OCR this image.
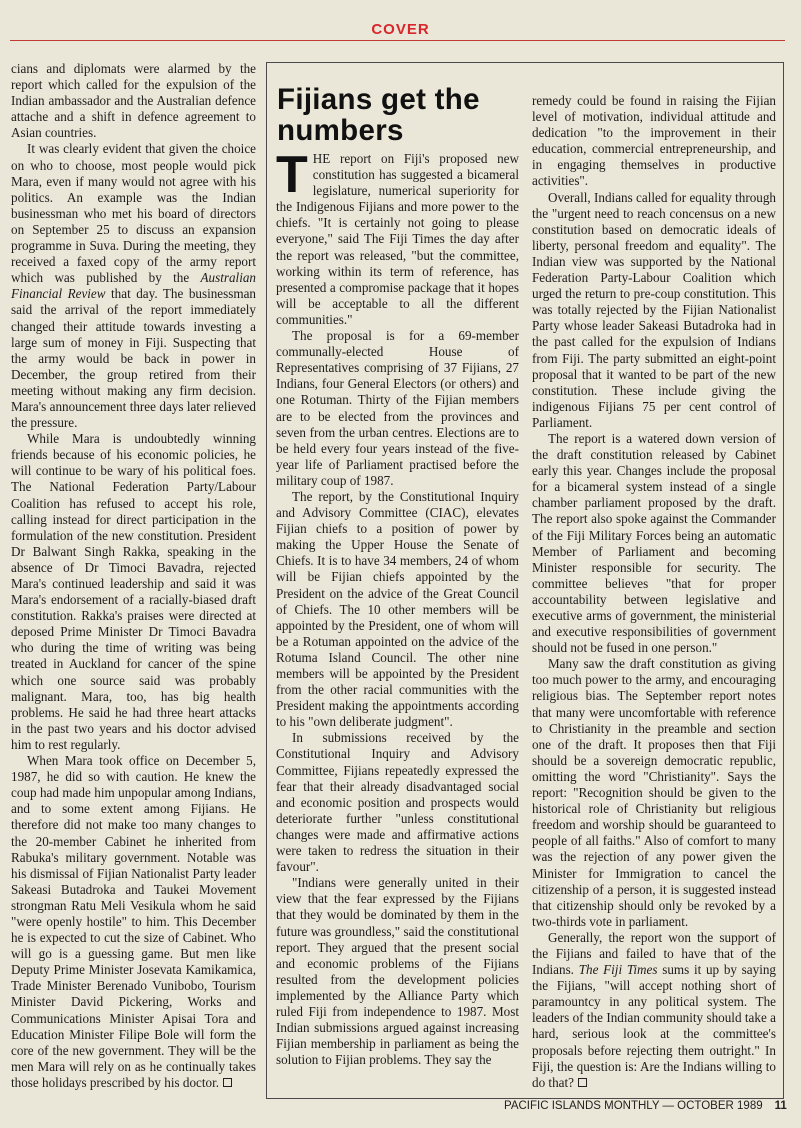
COVER

cians and diplomats were alarmed by the report which called for the expulsion of the Indian ambassador and the Australian defence attache and a shift in defence agreement to Asian countries.

It was clearly evident that given the choice on who to choose, most people would pick Mara, even if many would not agree with his politics. An example was the Indian businessman who met his board of directors on September 25 to discuss an expansion programme in Suva. During the meeting, they received a faxed copy of the army report which was published by the Australian Financial Review that day. The businessman said the arrival of the report immediately changed their attitude towards investing a large sum of money in Fiji. Suspecting that the army would be back in power in December, the group retired from their meeting without making any firm decision. Mara's announcement three days later relieved the pressure.

While Mara is undoubtedly winning friends because of his economic policies, he will continue to be wary of his political foes. The National Federation Party/Labour Coalition has refused to accept his role, calling instead for direct participation in the formulation of the new constitution. President Dr Balwant Singh Rakka, speaking in the absence of Dr Timoci Bavadra, rejected Mara's continued leadership and said it was Mara's endorsement of a racially-biased draft constitution. Rakka's praises were directed at deposed Prime Minister Dr Timoci Bavadra who during the time of writing was being treated in Auckland for cancer of the spine which one source said was probably malignant. Mara, too, has big health problems. He said he had three heart attacks in the past two years and his doctor advised him to rest regularly.

When Mara took office on December 5, 1987, he did so with caution. He knew the coup had made him unpopular among Indians, and to some extent among Fijians. He therefore did not make too many changes to the 20-member Cabinet he inherited from Rabuka's military government. Notable was his dismissal of Fijian Nationalist Party leader Sakeasi Butadroka and Taukei Movement strongman Ratu Meli Vesikula whom he said "were openly hostile" to him. This December he is expected to cut the size of Cabinet. Who will go is a guessing game. But men like Deputy Prime Minister Josevata Kamikamica, Trade Minister Berenado Vunibobo, Tourism Minister David Pickering, Works and Communications Minister Apisai Tora and Education Minister Filipe Bole will form the core of the new government. They will be the men Mara will rely on as he continually takes those holidays prescribed by his doctor.

Fijians get the numbers

THE report on Fiji's proposed new constitution has suggested a bicameral legislature, numerical superiority for the Indigenous Fijians and more power to the chiefs. "It is certainly not going to please everyone," said The Fiji Times the day after the report was released, "but the committee, working within its term of reference, has presented a compromise package that it hopes will be acceptable to all the different communities."

The proposal is for a 69-member communally-elected House of Representatives comprising of 37 Fijians, 27 Indians, four General Electors (or others) and one Rotuman. Thirty of the Fijian members are to be elected from the provinces and seven from the urban centres. Elections are to be held every four years instead of the five-year life of Parliament practised before the military coup of 1987.

The report, by the Constitutional Inquiry and Advisory Committee (CIAC), elevates Fijian chiefs to a position of power by making the Upper House the Senate of Chiefs. It is to have 34 members, 24 of whom will be Fijian chiefs appointed by the President on the advice of the Great Council of Chiefs. The 10 other members will be appointed by the President, one of whom will be a Rotuman appointed on the advice of the Rotuma Island Council. The other nine members will be appointed by the President from the other racial communities with the President making the appointments according to his "own deliberate judgment".

In submissions received by the Constitutional Inquiry and Advisory Committee, Fijians repeatedly expressed the fear that their already disadvantaged social and economic position and prospects would deteriorate further "unless constitutional changes were made and affirmative actions were taken to redress the situation in their favour".

"Indians were generally united in their view that the fear expressed by the Fijians that they would be dominated by them in the future was groundless," said the constitutional report. They argued that the present social and economic problems of the Fijians resulted from the development policies implemented by the Alliance Party which ruled Fiji from independence to 1987. Most Indian submissions argued against increasing Fijian membership in parliament as being the solution to Fijian problems. They say the

remedy could be found in raising the Fijian level of motivation, individual attitude and dedication "to the improvement in their education, commercial entrepreneurship, and in engaging themselves in productive activities".

Overall, Indians called for equality through the "urgent need to reach concensus on a new constitution based on democratic ideals of liberty, personal freedom and equality". The Indian view was supported by the National Federation Party-Labour Coalition which urged the return to pre-coup constitution. This was totally rejected by the Fijian Nationalist Party whose leader Sakeasi Butadroka had in the past called for the expulsion of Indians from Fiji. The party submitted an eight-point proposal that it wanted to be part of the new constitution. These include giving the indigenous Fijians 75 per cent control of Parliament.

The report is a watered down version of the draft constitution released by Cabinet early this year. Changes include the proposal for a bicameral system instead of a single chamber parliament proposed by the draft. The report also spoke against the Commander of the Fiji Military Forces being an automatic Member of Parliament and becoming Minister responsible for security. The committee believes "that for proper accountability between legislative and executive arms of government, the ministerial and executive responsibilities of government should not be fused in one person."

Many saw the draft constitution as giving too much power to the army, and encouraging religious bias. The September report notes that many were uncomfortable with reference to Christianity in the preamble and section one of the draft. It proposes then that Fiji should be a sovereign democratic republic, omitting the word "Christianity". Says the report: "Recognition should be given to the historical role of Christianity but religious freedom and worship should be guaranteed to people of all faiths." Also of comfort to many was the rejection of any power given the Minister for Immigration to cancel the citizenship of a person, it is suggested instead that citizenship should only be revoked by a two-thirds vote in parliament.

Generally, the report won the support of the Fijians and failed to have that of the Indians. The Fiji Times sums it up by saying the Fijians, "will accept nothing short of paramountcy in any political system. The leaders of the Indian community should take a hard, serious look at the committee's proposals before rejecting them outright." In Fiji, the question is: Are the Indians willing to do that?

PACIFIC ISLANDS MONTHLY — OCTOBER 1989 11
